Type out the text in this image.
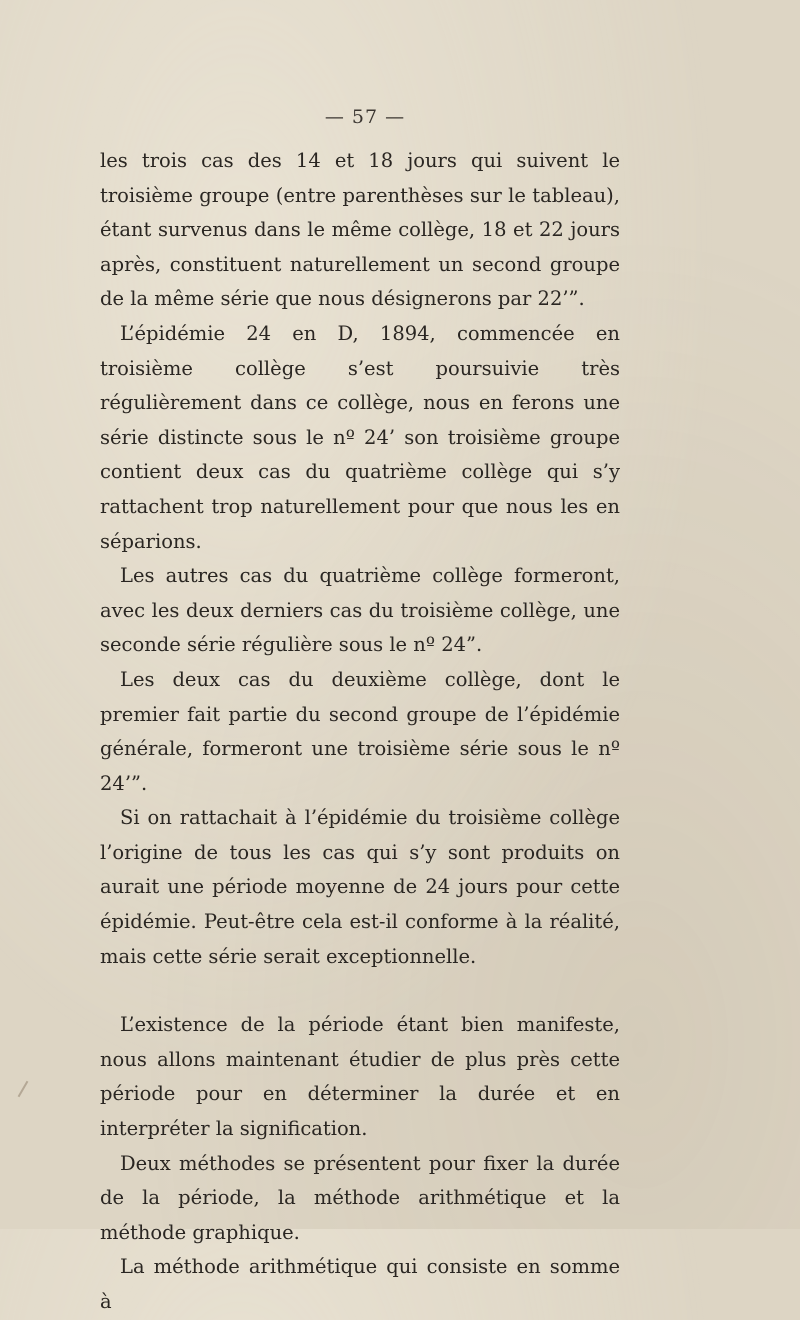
— 57 —

les trois cas des 14 et 18 jours qui suivent le troisième groupe (entre parenthèses sur le tableau), étant survenus dans le même collège, 18 et 22 jours après, constituent naturellement un second groupe de la même série que nous désignerons par 22’”.

L’épidémie 24 en D, 1894, commencée en troisième collège s’est poursuivie très régulièrement dans ce collège, nous en ferons une série distincte sous le nº 24’ son troisième groupe contient deux cas du quatrième collège qui s’y rattachent trop naturellement pour que nous les en séparions.

Les autres cas du quatrième collège formeront, avec les deux derniers cas du troisième collège, une seconde série régulière sous le nº 24”.

Les deux cas du deuxième collège, dont le premier fait partie du second groupe de l’épidémie générale, formeront une troisième série sous le nº 24’”.

Si on rattachait à l’épidémie du troisième collège l’origine de tous les cas qui s’y sont produits on aurait une période moyenne de 24 jours pour cette épidémie. Peut-être cela est-il conforme à la réalité, mais cette série serait exceptionnelle.

L’existence de la période étant bien manifeste, nous allons maintenant étudier de plus près cette période pour en déterminer la durée et en interpréter la signification.

Deux méthodes se présentent pour fixer la durée de la période, la méthode arithmétique et la méthode graphique.

La méthode arithmétique qui consiste en somme à
